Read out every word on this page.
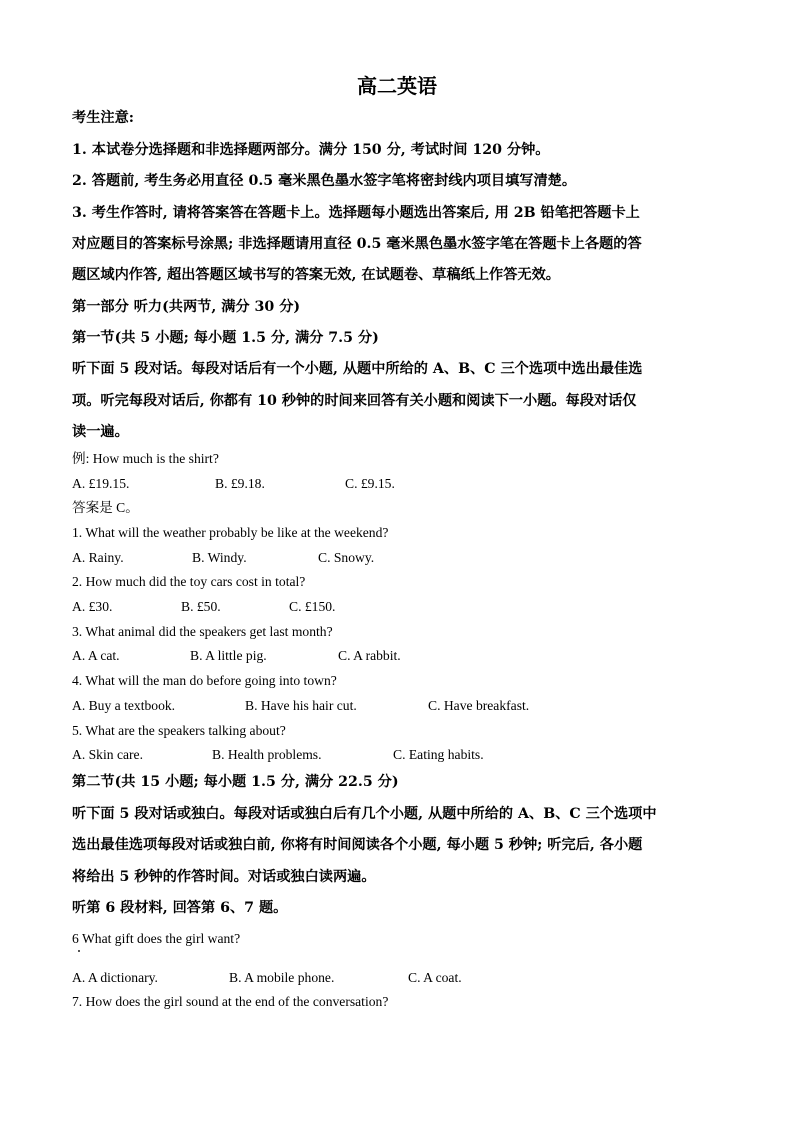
高二英语
考生注意:
1. 本试卷分选择题和非选择题两部分。满分 150 分, 考试时间 120 分钟。
2. 答题前, 考生务必用直径 0.5 毫米黑色墨水签字笔将密封线内项目填写清楚。
3. 考生作答时, 请将答案答在答题卡上。选择题每小题选出答案后, 用 2B 铅笔把答题卡上
对应题目的答案标号涂黑; 非选择题请用直径 0.5 毫米黑色墨水签字笔在答题卡上各题的答
题区域内作答, 超出答题区域书写的答案无效, 在试题卷、草稿纸上作答无效。
第一部分 听力(共两节, 满分 30 分)
第一节(共 5 小题; 每小题 1.5 分, 满分 7.5 分)
听下面 5 段对话。每段对话后有一个小题, 从题中所给的 A、B、C 三个选项中选出最佳选
项。听完每段对话后, 你都有 10 秒钟的时间来回答有关小题和阅读下一小题。每段对话仅
读一遍。
例: How much is the shirt?
A. £19.15.	B. £9.18.	C. £9.15.
答案是 C。
1. What will the weather probably be like at the weekend?
A. Rainy.	B. Windy.	C. Snowy.
2. How much did the toy cars cost in total?
A. £30.	B. £50.	C. £150.
3. What animal did the speakers get last month?
A. A cat.	B. A little pig.	C. A rabbit.
4. What will the man do before going into town?
A. Buy a textbook.	B. Have his hair cut.	C. Have breakfast.
5. What are the speakers talking about?
A. Skin care.	B. Health problems.	C. Eating habits.
第二节(共 15 小题; 每小题 1.5 分, 满分 22.5 分)
听下面 5 段对话或独白。每段对话或独白后有几个小题, 从题中所给的 A、B、C 三个选项中
选出最佳选项每段对话或独白前, 你将有时间阅读各个小题, 每小题 5 秒钟; 听完后, 各小题
将给出 5 秒钟的作答时间。对话或独白读两遍。
听第 6 段材料, 回答第 6、7 题。
6 What gift does the girl want?
A. A dictionary.	B. A mobile phone.	C. A coat.
7. How does the girl sound at the end of the conversation?
